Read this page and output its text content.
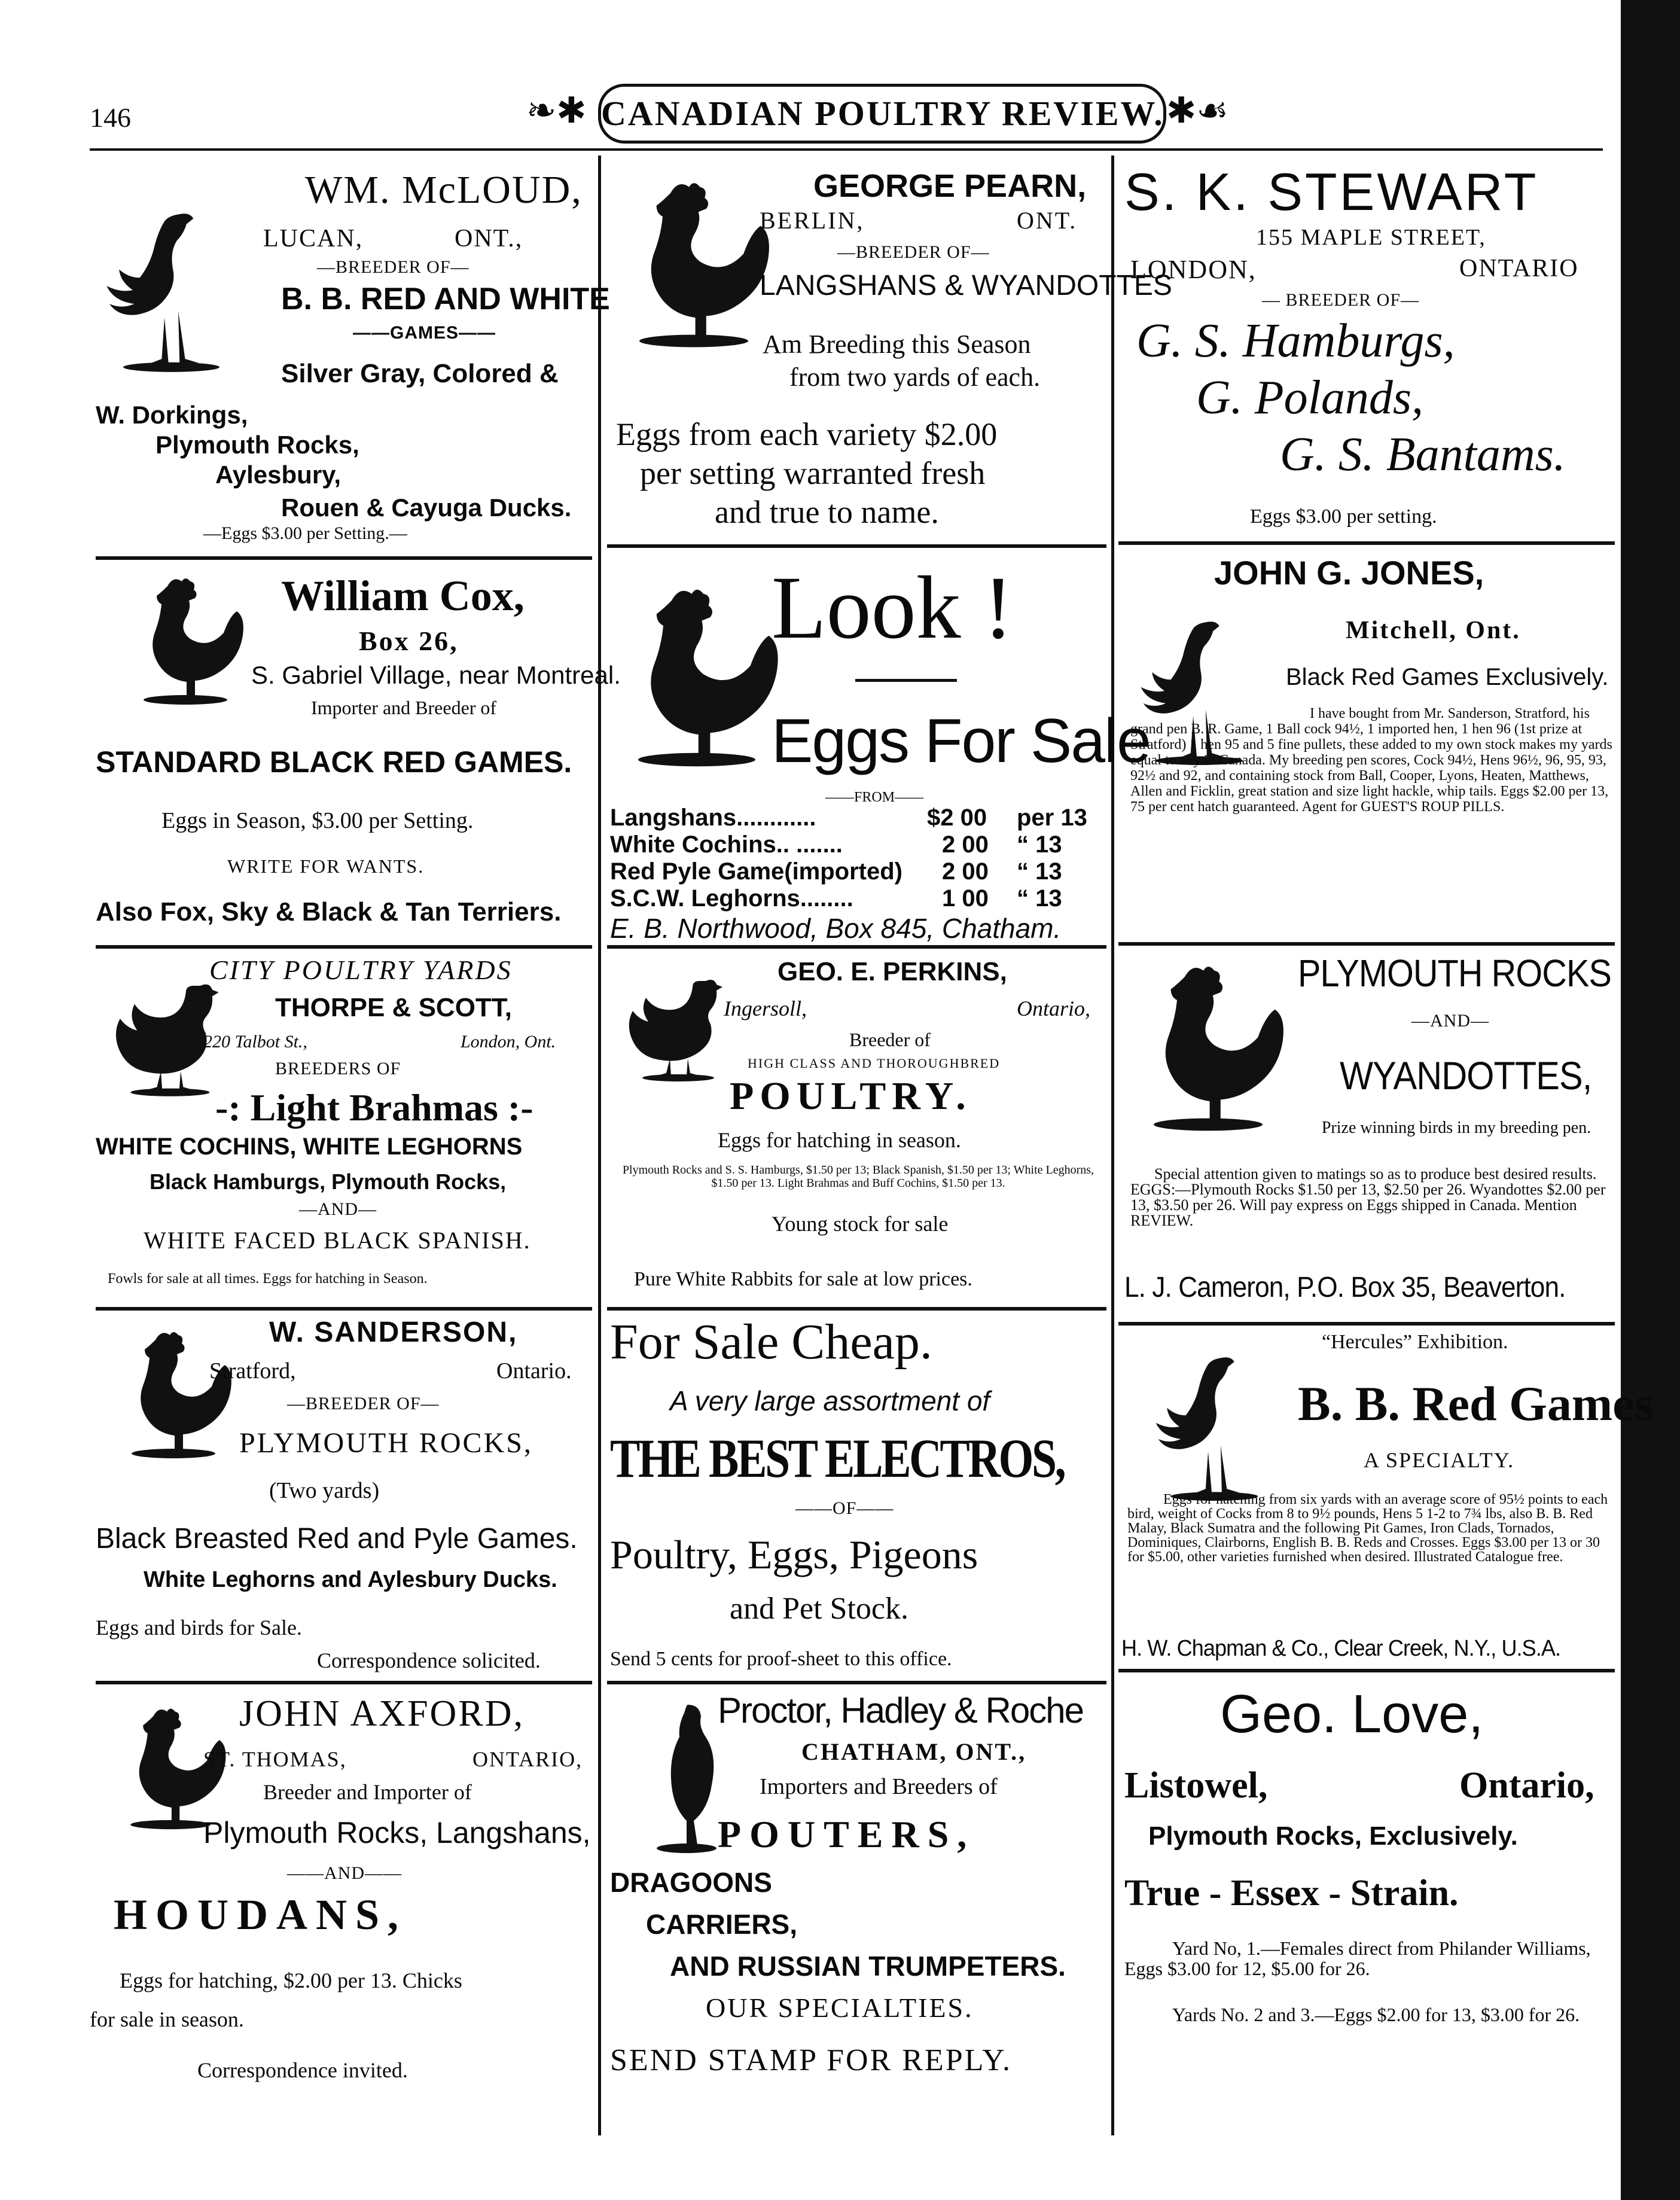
146	CANADIAN POULTRY REVIEW.
❧✱	✱☙
WM. McLOUD,
LUCAN,	ONT.,
—BREEDER OF—
B. B. RED AND WHITE
——GAMES——
Silver Gray, Colored &
W. Dorkings,
Plymouth Rocks,
Aylesbury,
Rouen & Cayuga Ducks.
—Eggs $3.00 per Setting.—
William Cox,
Box 26,
S. Gabriel Village, near Montreal.
Importer and Breeder of
STANDARD BLACK RED GAMES.
Eggs in Season, $3.00 per Setting.
WRITE FOR WANTS.
Also Fox, Sky & Black & Tan Terriers.
CITY POULTRY YARDS
THORPE & SCOTT,
220 Talbot St.,	London, Ont.
BREEDERS OF
-: Light Brahmas :-
WHITE COCHINS, WHITE LEGHORNS
Black Hamburgs, Plymouth Rocks,
—AND—
WHITE FACED BLACK SPANISH.
Fowls for sale at all times. Eggs for hatching in Season.
W. SANDERSON,
Stratford,	Ontario.
—BREEDER OF—
PLYMOUTH ROCKS,
(Two yards)
Black Breasted Red and Pyle Games.
White Leghorns and Aylesbury Ducks.
Eggs and birds for Sale.
Correspondence solicited.
JOHN AXFORD,
ST. THOMAS,	ONTARIO,
Breeder and Importer of
Plymouth Rocks, Langshans,
——AND——
HOUDANS,
Eggs for hatching, $2.00 per 13. Chicks
for sale in season.
Correspondence invited.
GEORGE PEARN,
BERLIN,	ONT.
—BREEDER OF—
LANGSHANS & WYANDOTTES
Am Breeding this Season
from two yards of each.
Eggs from each variety $2.00
per setting warranted fresh
and true to name.
Look !
Eggs For Sale
——FROM——
Langshans............	$2 00 per 13
White Cochins.. .......	2 00 “ 13
Red Pyle Game(imported) 2 00 “ 13
S.C.W. Leghorns........	1 00 “ 13
E. B. Northwood, Box 845, Chatham.
GEO. E. PERKINS,
Ingersoll,	Ontario,
Breeder of
HIGH CLASS AND THOROUGHBRED
POULTRY.
Eggs for hatching in season.
Plymouth Rocks and S. S. Hamburgs, $1.50 per 13; Black Spanish, $1.50 per 13; White Leghorns, $1.50 per 13. Light Brahmas and Buff Cochins, $1.50 per 13.
Young stock for sale
Pure White Rabbits for sale at low prices.
For Sale Cheap.
A very large assortment of
THE BEST ELECTROS,
——OF——
Poultry, Eggs, Pigeons
and Pet Stock.
Send 5 cents for proof-sheet to this office.
Proctor, Hadley & Roche
CHATHAM, ONT.,
Importers and Breeders of
POUTERS,
DRAGOONS
CARRIERS,
AND RUSSIAN TRUMPETERS.
OUR SPECIALTIES.
SEND STAMP FOR REPLY.
S. K. STEWART
155 MAPLE STREET,
LONDON,	ONTARIO
— BREEDER OF—
G. S. Hamburgs,
G. Polands,
G. S. Bantams.
Eggs $3.00 per setting.
JOHN G. JONES,
Mitchell, Ont.
Black Red Games Exclusively.
I have bought from Mr. Sanderson, Stratford, his grand pen B. R. Game, 1 Ball cock 94½, 1 imported hen, 1 hen 96 (1st prize at Stratford) 1 hen 95 and 5 fine pullets, these added to my own stock makes my yards equal to any in Canada. My breeding pen scores, Cock 94½, Hens 96½, 96, 95, 93, 92½ and 92, and containing stock from Ball, Cooper, Lyons, Heaten, Matthews, Allen and Ficklin, great station and size light hackle, whip tails. Eggs $2.00 per 13, 75 per cent hatch guaranteed. Agent for GUEST'S ROUP PILLS.
PLYMOUTH ROCKS
—AND—
WYANDOTTES,
Prize winning birds in my breeding pen.
Special attention given to matings so as to produce best desired results. EGGS:—Plymouth Rocks $1.50 per 13, $2.50 per 26. Wyandottes $2.00 per 13, $3.50 per 26. Will pay express on Eggs shipped in Canada. Mention REVIEW.
L. J. Cameron, P.O. Box 35, Beaverton.
“Hercules” Exhibition.
B. B. Red Games
A SPECIALTY.
Eggs for hatching from six yards with an average score of 95½ points to each bird, weight of Cocks from 8 to 9½ pounds, Hens 5 1-2 to 7¾ lbs, also B. B. Red Malay, Black Sumatra and the following Pit Games, Iron Clads, Tornados, Dominiques, Clairborns, English B. B. Reds and Crosses. Eggs $3.00 per 13 or 30 for $5.00, other varieties furnished when desired. Illustrated Catalogue free.
H. W. Chapman & Co., Clear Creek, N.Y., U.S.A.
Geo. Love,
Listowel,	Ontario,
Plymouth Rocks, Exclusively.
True - Essex - Strain.
Yard No, 1.—Females direct from Philander Williams, Eggs $3.00 for 12, $5.00 for 26.
Yards No. 2 and 3.—Eggs $2.00 for 13, $3.00 for 26.
